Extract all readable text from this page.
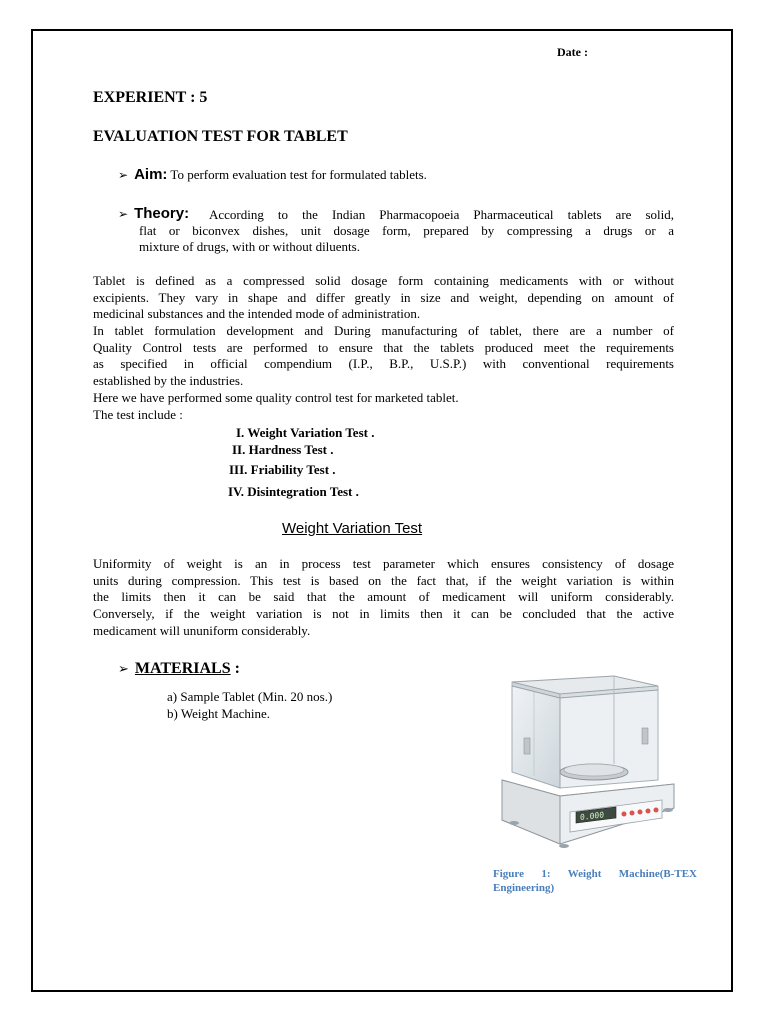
Date :
EXPERIENT : 5
EVALUATION TEST FOR TABLET
➢ Aim: To perform evaluation test for formulated tablets.
➢ Theory: According to the Indian Pharmacopoeia Pharmaceutical tablets are solid,
flat or biconvex dishes, unit dosage form, prepared by compressing a drugs or a
mixture of drugs, with or without diluents.
Tablet is defined as a compressed solid dosage form containing medicaments with or without
excipients. They vary in shape and differ greatly in size and weight, depending on amount of
medicinal substances and the intended mode of administration.
In tablet formulation development and During manufacturing of tablet, there are a number of
Quality Control tests are performed to ensure that the tablets produced meet the requirements
as specified in official compendium (I.P., B.P., U.S.P.) with conventional requirements
established by the industries.
Here we have performed some quality control test for marketed tablet.
The test include :
I. Weight Variation Test .
II. Hardness Test .
III. Friability Test .
IV. Disintegration Test .
Weight Variation Test
Uniformity of weight is an in process test parameter which ensures consistency of dosage
units during compression. This test is based on the fact that, if the weight variation is within
the limits then it can be said that the amount of medicament will uniform considerably.
Conversely, if the weight variation is not in limits then it can be concluded that the active
medicament will ununiform considerably.
➢ MATERIALS :
a) Sample Tablet (Min. 20 nos.)
b) Weight Machine.
0.000
Figure 1: Weight Machine(B-TEX
Engineering)
